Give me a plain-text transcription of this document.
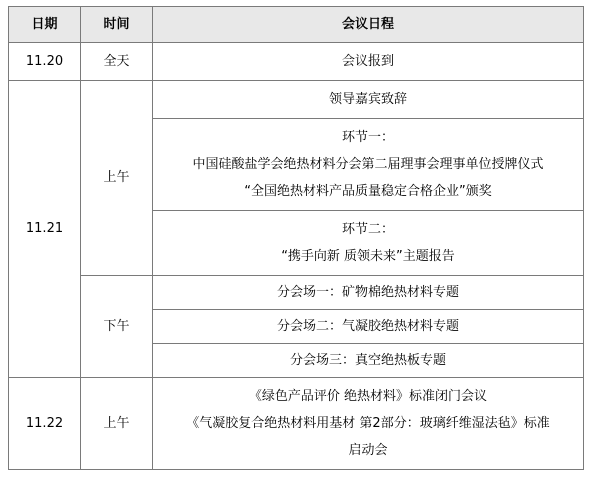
日期	时间	会议日程
11.20	全天	会议报到

11.21	上午	领导嘉宾致辞

		环节一：
中国硅酸盐学会绝热材料分会第二届理事会理事单位授牌仪式
“全国绝热材料产品质量稳定合格企业”颁奖

		环节二：
“携手向新 质领未来”主题报告

	下午	分会场一：矿物棉绝热材料专题

		分会场二：气凝胶绝热材料专题

		分会场三：真空绝热板专题

11.22	上午	《绿色产品评价 绝热材料》标准闭门会议
《气凝胶复合绝热材料用基材 第2部分：玻璃纤维湿法毡》标准
启动会
